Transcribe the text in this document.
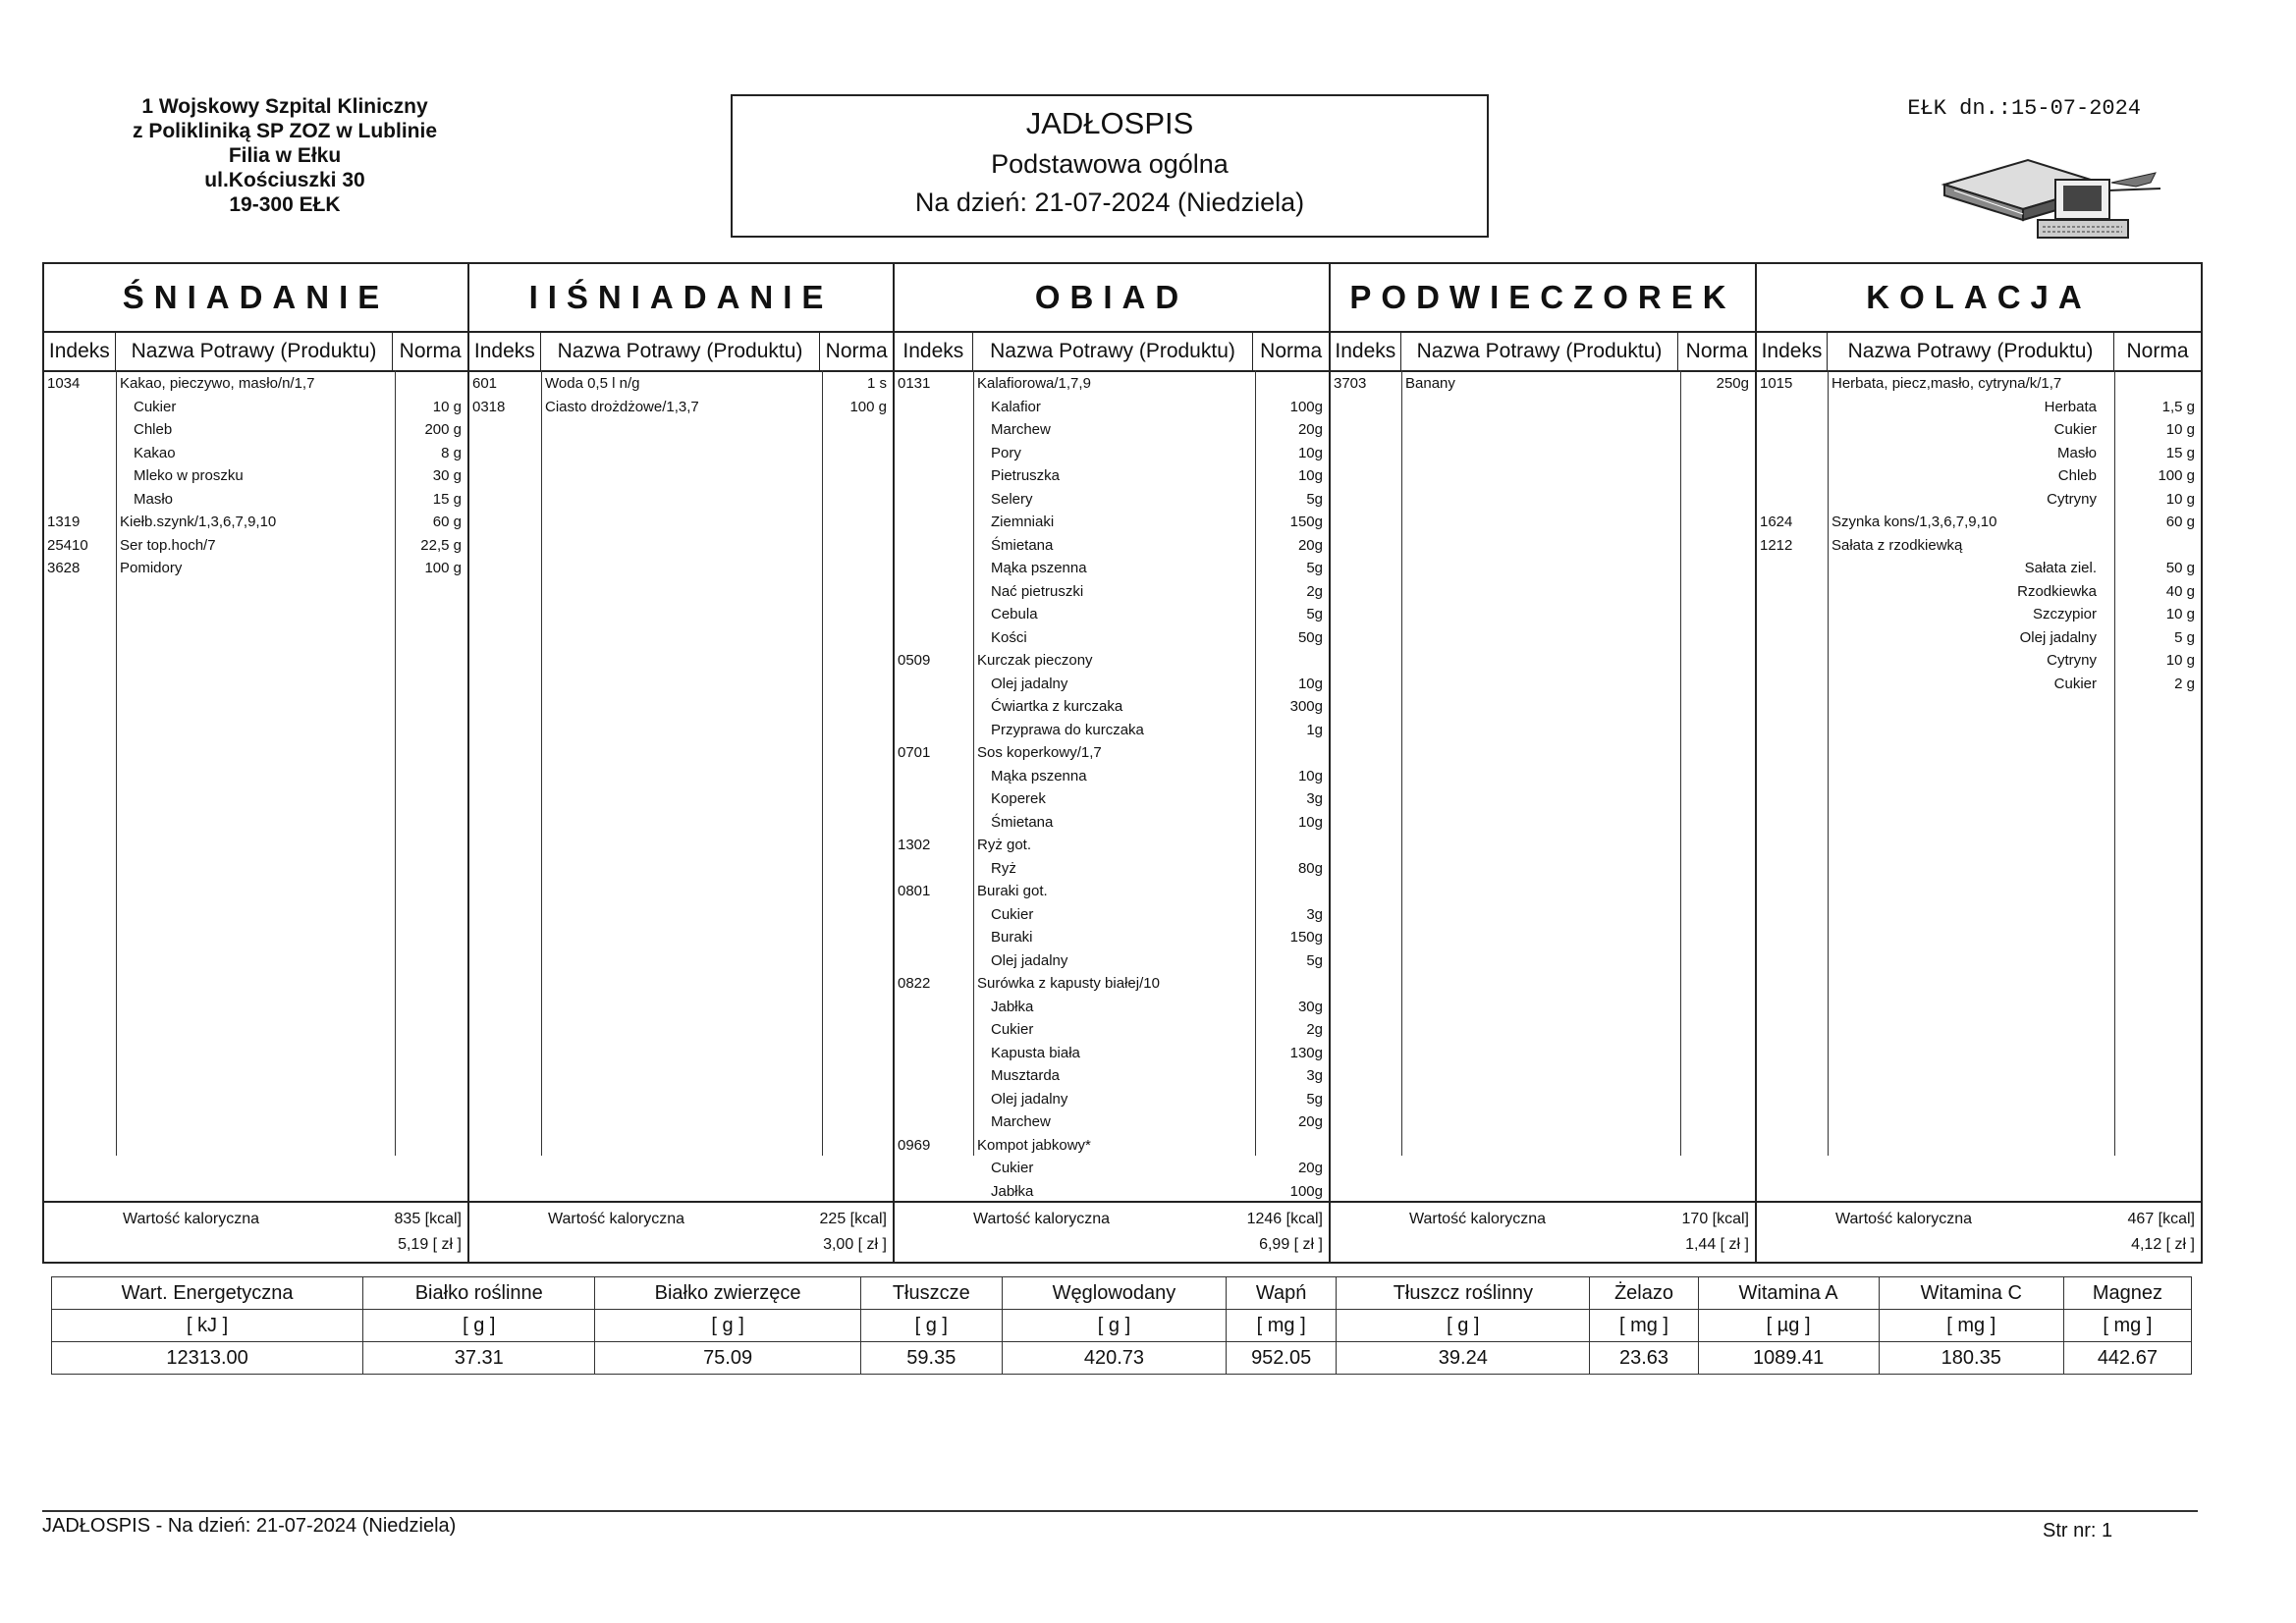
1 Wojskowy Szpital Kliniczny
z Polikliniką SP ZOZ w Lublinie
Filia w Ełku
ul.Kościuszki 30
19-300 EŁK
JADŁOSPIS
Podstawowa ogólna
Na dzień: 21-07-2024 (Niedziela)
EŁK dn.:15-07-2024
ŚNIADANIE
Indeks	Nazwa Potrawy (Produktu)	Norma
1034	Kakao, pieczywo, masło/n/1,7
Cukier	10 g
Chleb	200 g
Kakao	8 g
Mleko w proszku	30 g
Masło	15 g
1319	Kiełb.szynk/1,3,6,7,9,10	60 g
25410 Ser top.hoch/7	22,5 g
3628	Pomidory	100 g
Wartość kaloryczna	835 [kcal]
5,19 [ zł ]
IIŚNIADANIE
Indeks	Nazwa Potrawy (Produktu)	Norma
601	Woda 0,5 l n/g	1 s
0318	Ciasto drożdżowe/1,3,7	100 g
Wartość kaloryczna	225 [kcal]
3,00 [ zł ]
OBIAD
Indeks	Nazwa Potrawy (Produktu)	Norma
0131	Kalafiorowa/1,7,9
Kalafior	100g
Marchew	20g
Pory	10g
Pietruszka	10g
Selery	5g
Ziemniaki	150g
Śmietana	20g
Mąka pszenna	5g
Nać pietruszki	2g
Cebula	5g
Kości	50g
0509	Kurczak pieczony
Olej jadalny	10g
Ćwiartka z kurczaka	300g
Przyprawa do kurczaka	1g
0701	Sos koperkowy/1,7
Mąka pszenna	10g
Koperek	3g
Śmietana	10g
1302	Ryż got.
Ryż	80g
0801	Buraki got.
Cukier	3g
Buraki	150g
Olej jadalny	5g
0822	Surówka z kapusty białej/10
Jabłka	30g
Cukier	2g
Kapusta biała	130g
Musztarda	3g
Olej jadalny	5g
Marchew	20g
0969	Kompot jabkowy*
Cukier	20g
Jabłka	100g
Wartość kaloryczna	1246 [kcal]
6,99 [ zł ]
PODWIECZOREK
Indeks	Nazwa Potrawy (Produktu)	Norma
3703	Banany	250g
Wartość kaloryczna	170 [kcal]
1,44 [ zł ]
KOLACJA
Indeks	Nazwa Potrawy (Produktu)	Norma
1015	Herbata, piecz,masło, cytryna/k/1,7
Herbata	1,5 g
Cukier	10 g
Masło	15 g
Chleb	100 g
Cytryny	10 g
1624	Szynka kons/1,3,6,7,9,10	60 g
1212	Sałata z rzodkiewką
Sałata ziel.	50 g
Rzodkiewka	40 g
Szczypior	10 g
Olej jadalny	5 g
Cytryny	10 g
Cukier	2 g
Wartość kaloryczna	467 [kcal]
4,12 [ zł ]
Wart. Energetyczna	Białko roślinne	Białko zwierzęce	Tłuszcze	Węglowodany	Wapń	Tłuszcz roślinny	Żelazo	Witamina A	Witamina C	Magnez
[ kJ ]	[ g ]	[ g ]	[ g ]	[ g ]	[ mg ]	[ g ]	[ mg ]	[ µg ]	[ mg ]	[ mg ]
12313.00	37.31	75.09	59.35	420.73	952.05	39.24	23.63	1089.41	180.35	442.67
JADŁOSPIS - Na dzień: 21-07-2024 (Niedziela)	Str nr: 1
